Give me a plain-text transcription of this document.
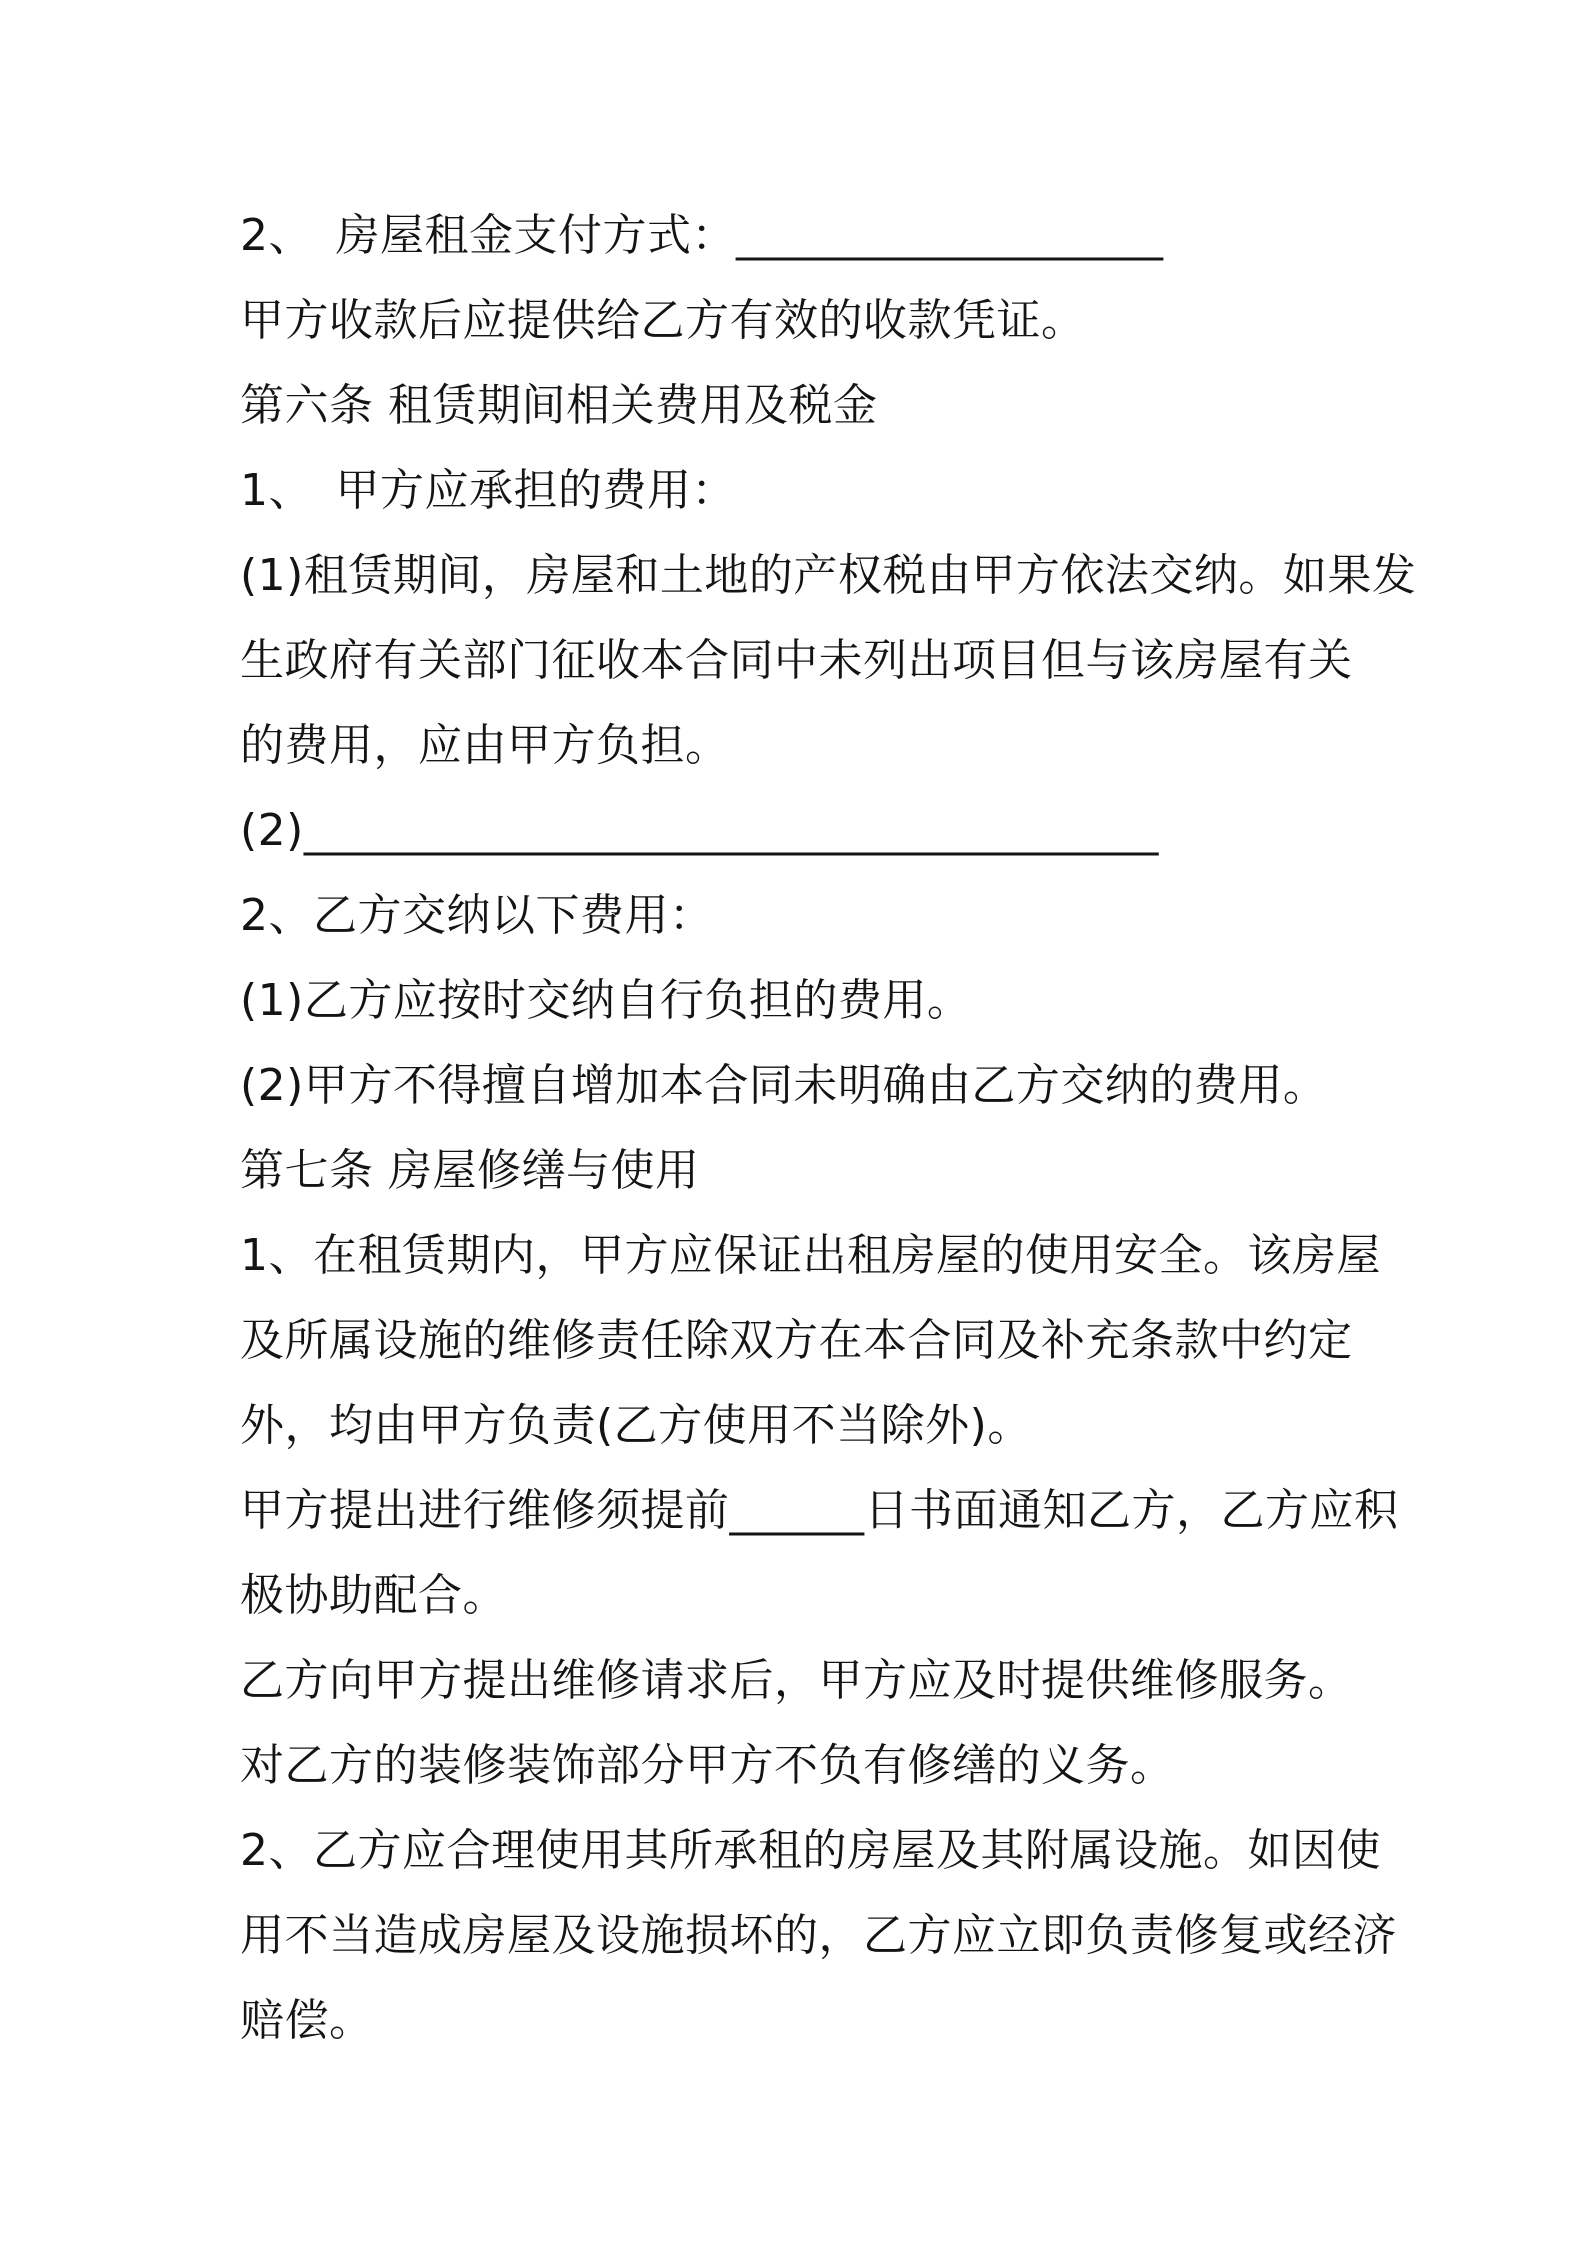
2、　房屋租金支付方式：___________________
甲方收款后应提供给乙方有效的收款凭证。
第六条 租赁期间相关费用及税金
1、　甲方应承担的费用：
(1)租赁期间，房屋和土地的产权税由甲方依法交纳。如果发
生政府有关部门征收本合同中未列出项目但与该房屋有关
的费用，应由甲方负担。
(2)______________________________________
2、乙方交纳以下费用：
(1)乙方应按时交纳自行负担的费用。
(2)甲方不得擅自增加本合同未明确由乙方交纳的费用。
第七条 房屋修缮与使用
1、在租赁期内，甲方应保证出租房屋的使用安全。该房屋
及所属设施的维修责任除双方在本合同及补充条款中约定
外，均由甲方负责(乙方使用不当除外)。
甲方提出进行维修须提前______日书面通知乙方，乙方应积
极协助配合。
乙方向甲方提出维修请求后，甲方应及时提供维修服务。
对乙方的装修装饰部分甲方不负有修缮的义务。
2、乙方应合理使用其所承租的房屋及其附属设施。如因使
用不当造成房屋及设施损坏的，乙方应立即负责修复或经济
赔偿。
